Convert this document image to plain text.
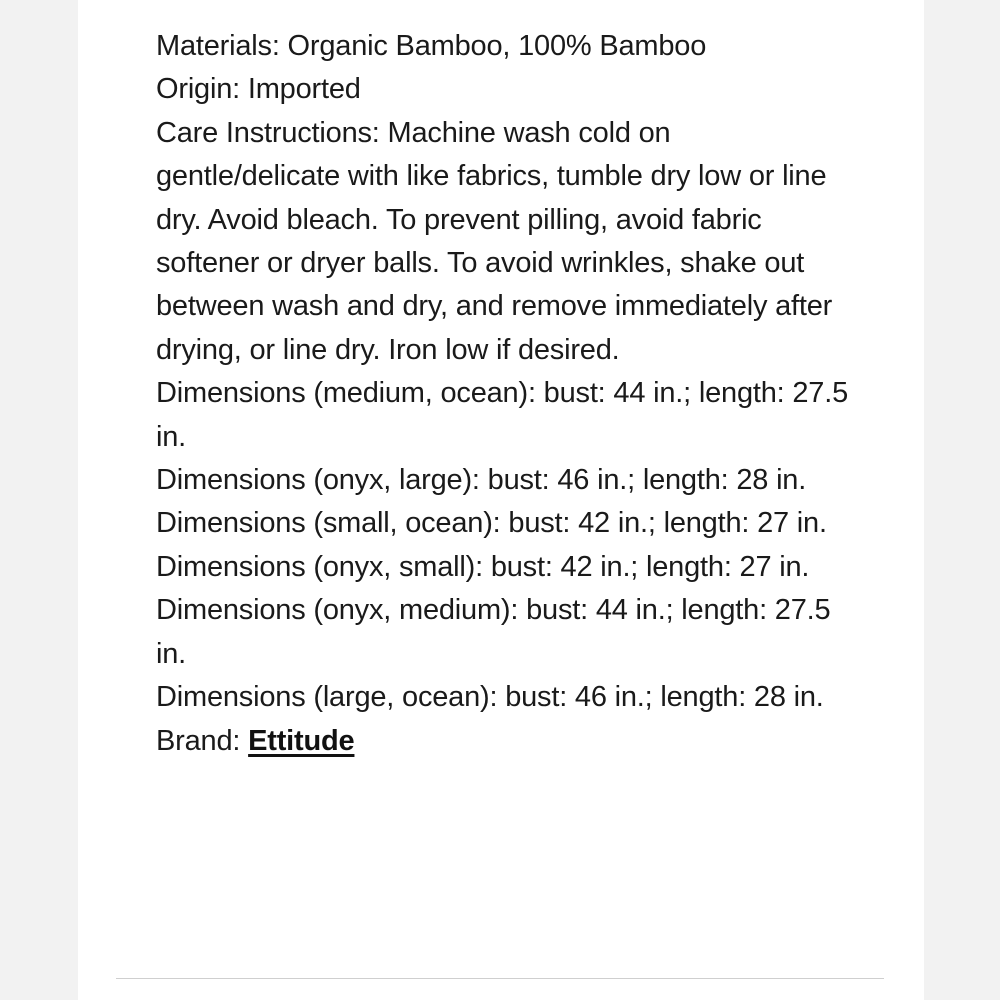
Materials: Organic Bamboo, 100% Bamboo
Origin: Imported
Care Instructions: Machine wash cold on gentle/delicate with like fabrics, tumble dry low or line dry. Avoid bleach. To prevent pilling, avoid fabric softener or dryer balls. To avoid wrinkles, shake out between wash and dry, and remove immediately after drying, or line dry. Iron low if desired.
Dimensions (medium, ocean): bust: 44 in.; length: 27.5 in.
Dimensions (onyx, large): bust: 46 in.; length: 28 in.
Dimensions (small, ocean): bust: 42 in.; length: 27 in.
Dimensions (onyx, small): bust: 42 in.; length: 27 in.
Dimensions (onyx, medium): bust: 44 in.; length: 27.5 in.
Dimensions (large, ocean): bust: 46 in.; length: 28 in.
Brand: Ettitude
